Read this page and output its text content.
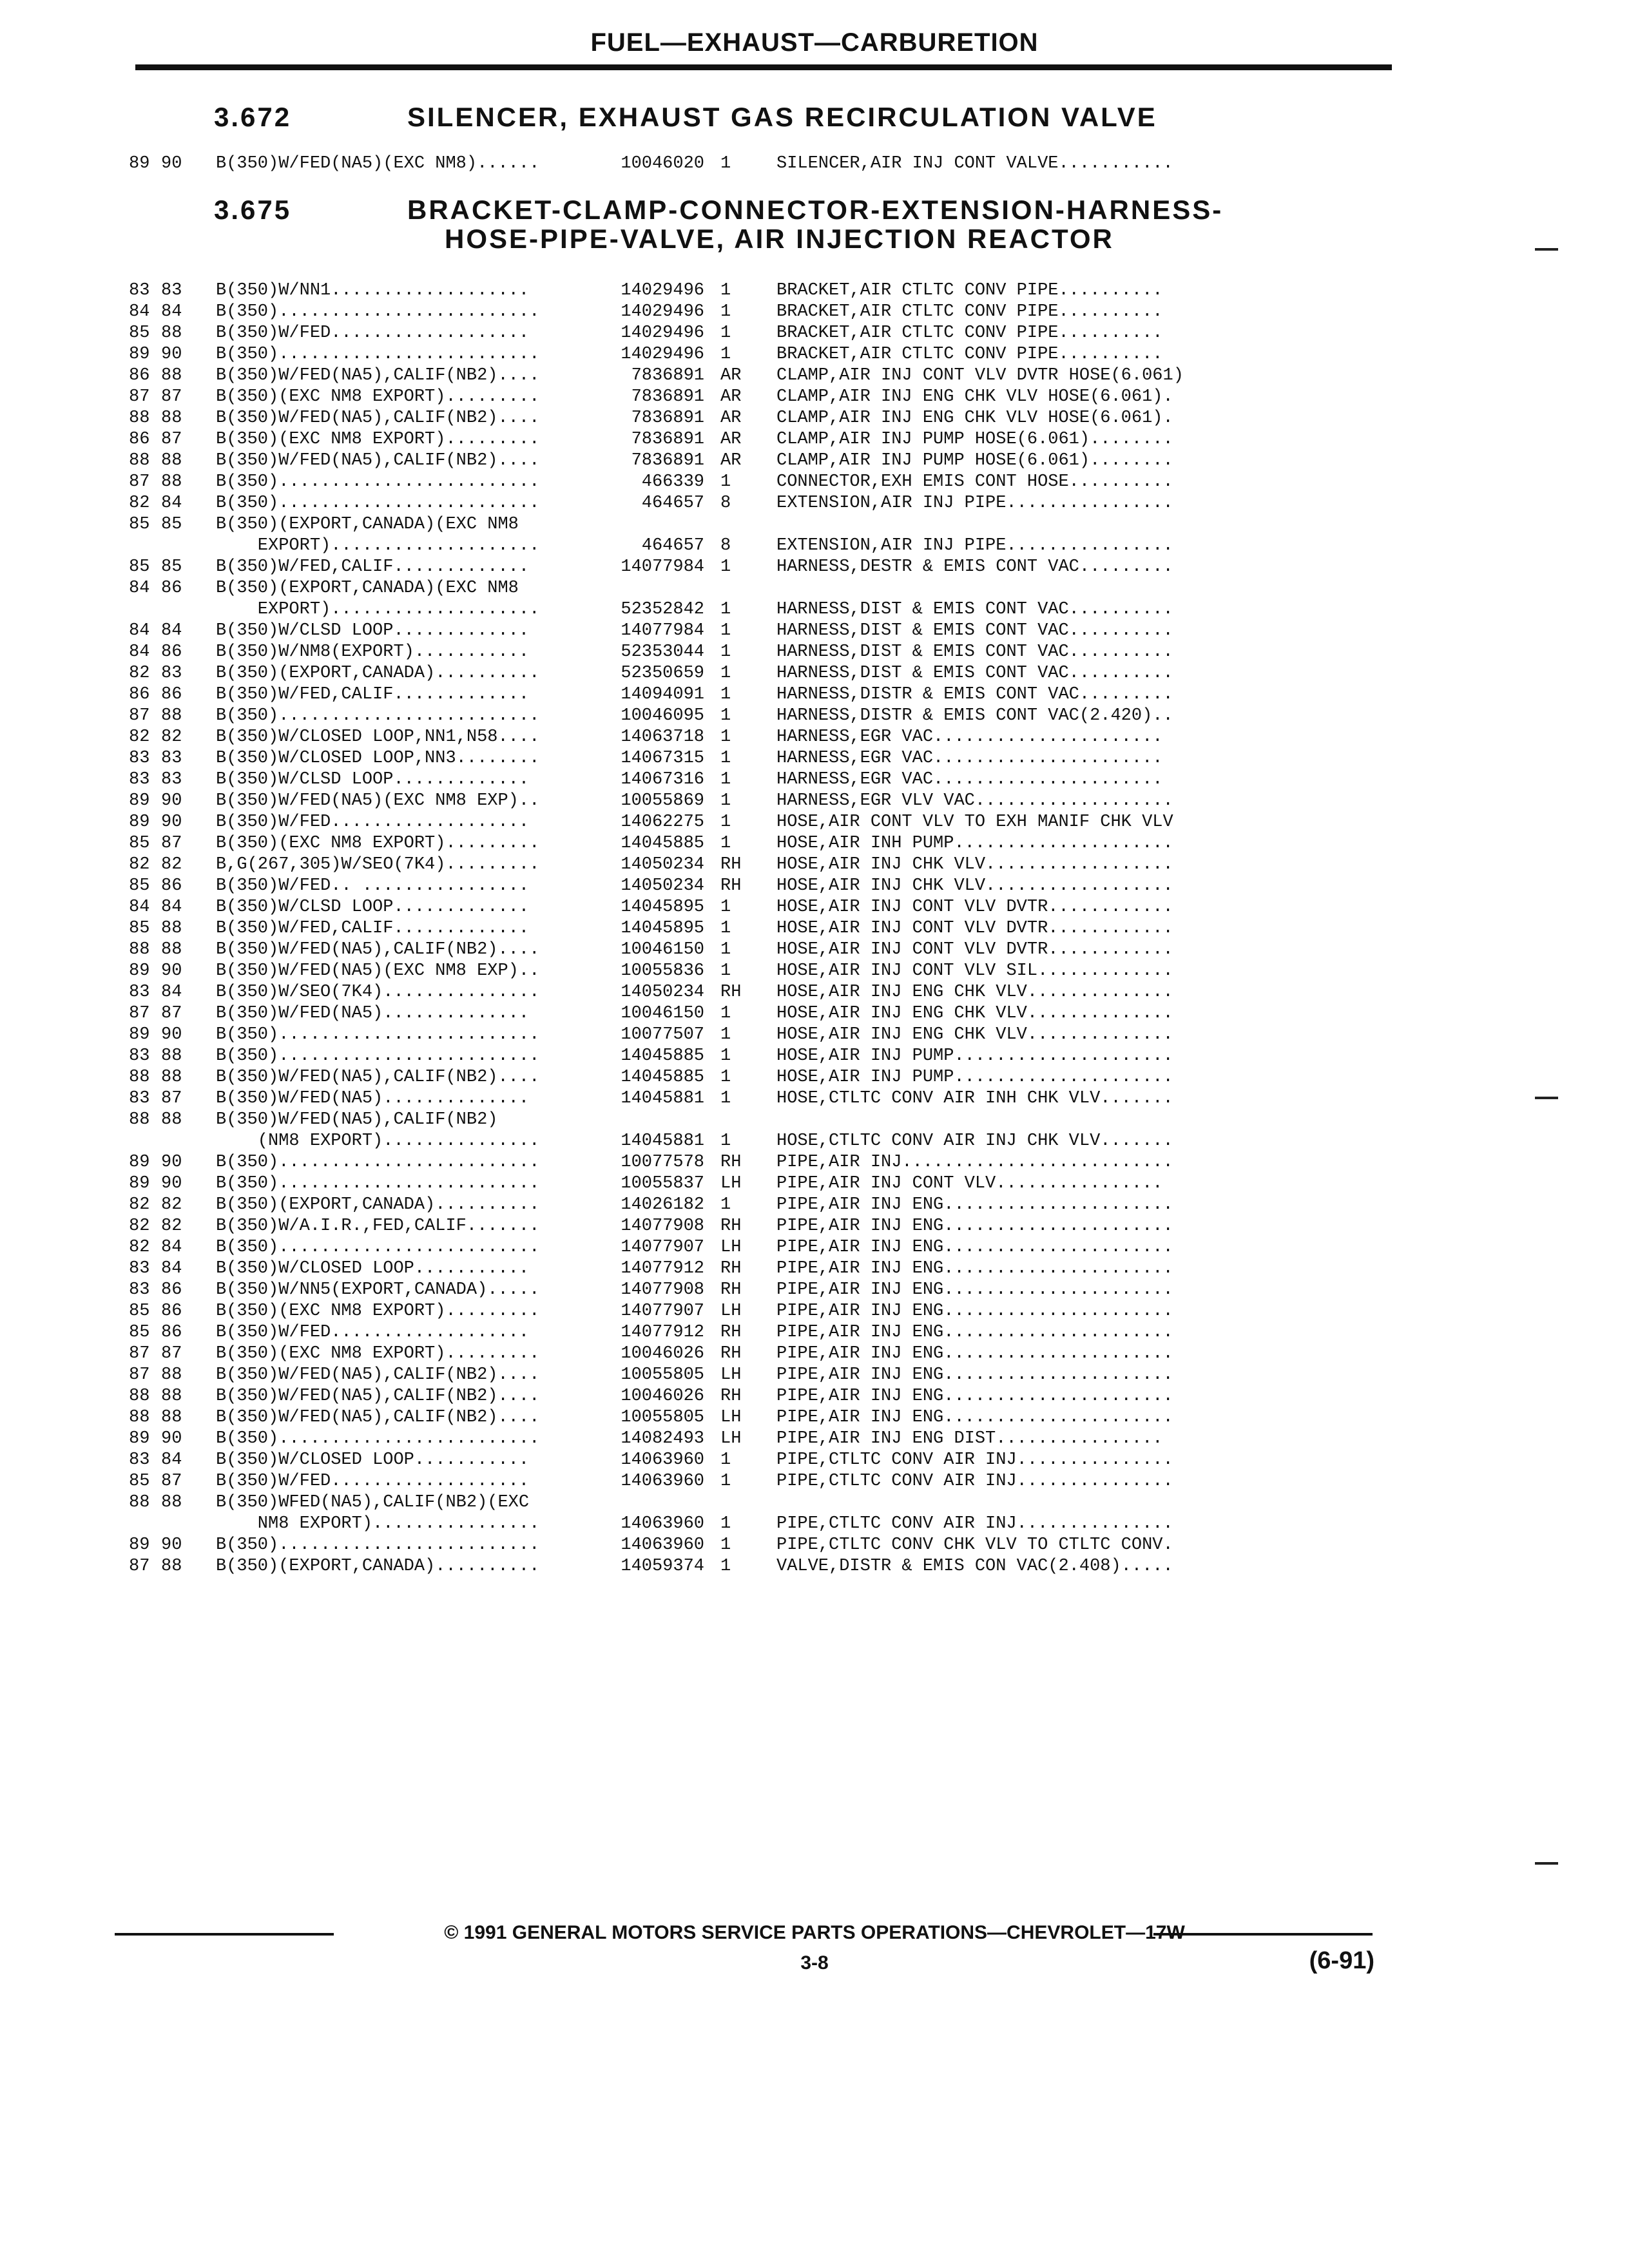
FUEL—EXHAUST—CARBURETION
3.672	SILENCER, EXHAUST GAS RECIRCULATION VALVE
89 90 B(350)W/FED(NA5)(EXC NM8)......	10046020 1	SILENCER,AIR INJ CONT VALVE...........
3.675	BRACKET-CLAMP-CONNECTOR-EXTENSION-HARNESS-
HOSE-PIPE-VALVE, AIR INJECTION REACTOR
83 83 B(350)W/NN1...................	14029496 1	BRACKET,AIR CTLTC CONV PIPE..........
84 84 B(350).........................	14029496 1	BRACKET,AIR CTLTC CONV PIPE..........
85 88 B(350)W/FED...................	14029496 1	BRACKET,AIR CTLTC CONV PIPE..........
89 90 B(350).........................	14029496 1	BRACKET,AIR CTLTC CONV PIPE..........
86 88 B(350)W/FED(NA5),CALIF(NB2)....	7836891 AR CLAMP,AIR INJ CONT VLV DVTR HOSE(6.061)
87 87 B(350)(EXC NM8 EXPORT).........	7836891 AR CLAMP,AIR INJ ENG CHK VLV HOSE(6.061).
88 88 B(350)W/FED(NA5),CALIF(NB2)....	7836891 AR CLAMP,AIR INJ ENG CHK VLV HOSE(6.061).
86 87 B(350)(EXC NM8 EXPORT).........	7836891 AR CLAMP,AIR INJ PUMP HOSE(6.061)........
88 88 B(350)W/FED(NA5),CALIF(NB2)....	7836891 AR CLAMP,AIR INJ PUMP HOSE(6.061)........
87 88 B(350).........................	466339 1	CONNECTOR,EXH EMIS CONT HOSE..........
82 84 B(350).........................	464657 8	EXTENSION,AIR INJ PIPE................
85 85 B(350)(EXPORT,CANADA)(EXC NM8
EXPORT)....................	464657 8	EXTENSION,AIR INJ PIPE................
85 85 B(350)W/FED,CALIF.............	14077984 1	HARNESS,DESTR & EMIS CONT VAC.........
84 86 B(350)(EXPORT,CANADA)(EXC NM8
EXPORT)....................	52352842 1	HARNESS,DIST & EMIS CONT VAC..........
84 84 B(350)W/CLSD LOOP.............	14077984 1	HARNESS,DIST & EMIS CONT VAC..........
84 86 B(350)W/NM8(EXPORT)...........	52353044 1	HARNESS,DIST & EMIS CONT VAC..........
82 83 B(350)(EXPORT,CANADA)..........	52350659 1	HARNESS,DIST & EMIS CONT VAC..........
86 86 B(350)W/FED,CALIF.............	14094091 1	HARNESS,DISTR & EMIS CONT VAC.........
87 88 B(350).........................	10046095 1	HARNESS,DISTR & EMIS CONT VAC(2.420)..
82 82 B(350)W/CLOSED LOOP,NN1,N58....	14063718 1	HARNESS,EGR VAC......................
83 83 B(350)W/CLOSED LOOP,NN3........	14067315 1	HARNESS,EGR VAC......................
83 83 B(350)W/CLSD LOOP.............	14067316 1	HARNESS,EGR VAC......................
89 90 B(350)W/FED(NA5)(EXC NM8 EXP)..	10055869 1	HARNESS,EGR VLV VAC...................
89 90 B(350)W/FED...................	14062275 1	HOSE,AIR CONT VLV TO EXH MANIF CHK VLV
85 87 B(350)(EXC NM8 EXPORT).........	14045885 1	HOSE,AIR INH PUMP.....................
82 82 B,G(267,305)W/SEO(7K4).........	14050234 RH HOSE,AIR INJ CHK VLV..................
85 86 B(350)W/FED.. ................	14050234 RH HOSE,AIR INJ CHK VLV..................
84 84 B(350)W/CLSD LOOP.............	14045895 1	HOSE,AIR INJ CONT VLV DVTR............
85 88 B(350)W/FED,CALIF.............	14045895 1	HOSE,AIR INJ CONT VLV DVTR............
88 88 B(350)W/FED(NA5),CALIF(NB2)....	10046150 1	HOSE,AIR INJ CONT VLV DVTR............
89 90 B(350)W/FED(NA5)(EXC NM8 EXP)..	10055836 1	HOSE,AIR INJ CONT VLV SIL.............
83 84 B(350)W/SEO(7K4)...............	14050234 RH HOSE,AIR INJ ENG CHK VLV..............
87 87 B(350)W/FED(NA5)..............	10046150 1	HOSE,AIR INJ ENG CHK VLV..............
89 90 B(350).........................	10077507 1	HOSE,AIR INJ ENG CHK VLV..............
83 88 B(350).........................	14045885 1	HOSE,AIR INJ PUMP.....................
88 88 B(350)W/FED(NA5),CALIF(NB2)....	14045885 1	HOSE,AIR INJ PUMP.....................
83 87 B(350)W/FED(NA5)..............	14045881 1	HOSE,CTLTC CONV AIR INH CHK VLV.......
88 88 B(350)W/FED(NA5),CALIF(NB2)
(NM8 EXPORT)...............	14045881 1	HOSE,CTLTC CONV AIR INJ CHK VLV.......
89 90 B(350).........................	10077578 RH PIPE,AIR INJ..........................
89 90 B(350).........................	10055837 LH PIPE,AIR INJ CONT VLV................
82 82 B(350)(EXPORT,CANADA)..........	14026182 1	PIPE,AIR INJ ENG......................
82 82 B(350)W/A.I.R.,FED,CALIF.......	14077908 RH PIPE,AIR INJ ENG......................
82 84 B(350).........................	14077907 LH PIPE,AIR INJ ENG......................
83 84 B(350)W/CLOSED LOOP...........	14077912 RH PIPE,AIR INJ ENG......................
83 86 B(350)W/NN5(EXPORT,CANADA).....	14077908 RH PIPE,AIR INJ ENG......................
85 86 B(350)(EXC NM8 EXPORT).........	14077907 LH PIPE,AIR INJ ENG......................
85 86 B(350)W/FED...................	14077912 RH PIPE,AIR INJ ENG......................
87 87 B(350)(EXC NM8 EXPORT).........	10046026 RH PIPE,AIR INJ ENG......................
87 88 B(350)W/FED(NA5),CALIF(NB2)....	10055805 LH PIPE,AIR INJ ENG......................
88 88 B(350)W/FED(NA5),CALIF(NB2)....	10046026 RH PIPE,AIR INJ ENG......................
88 88 B(350)W/FED(NA5),CALIF(NB2)....	10055805 LH PIPE,AIR INJ ENG......................
89 90 B(350).........................	14082493 LH PIPE,AIR INJ ENG DIST................
83 84 B(350)W/CLOSED LOOP...........	14063960 1	PIPE,CTLTC CONV AIR INJ...............
85 87 B(350)W/FED...................	14063960 1	PIPE,CTLTC CONV AIR INJ...............
88 88 B(350)WFED(NA5),CALIF(NB2)(EXC
NM8 EXPORT)................	14063960 1	PIPE,CTLTC CONV AIR INJ...............
89 90 B(350).........................	14063960 1	PIPE,CTLTC CONV CHK VLV TO CTLTC CONV.
87 88 B(350)(EXPORT,CANADA)..........	14059374 1	VALVE,DISTR & EMIS CON VAC(2.408).....
© 1991 GENERAL MOTORS SERVICE PARTS OPERATIONS—CHEVROLET—17W
3-8	(6-91)
